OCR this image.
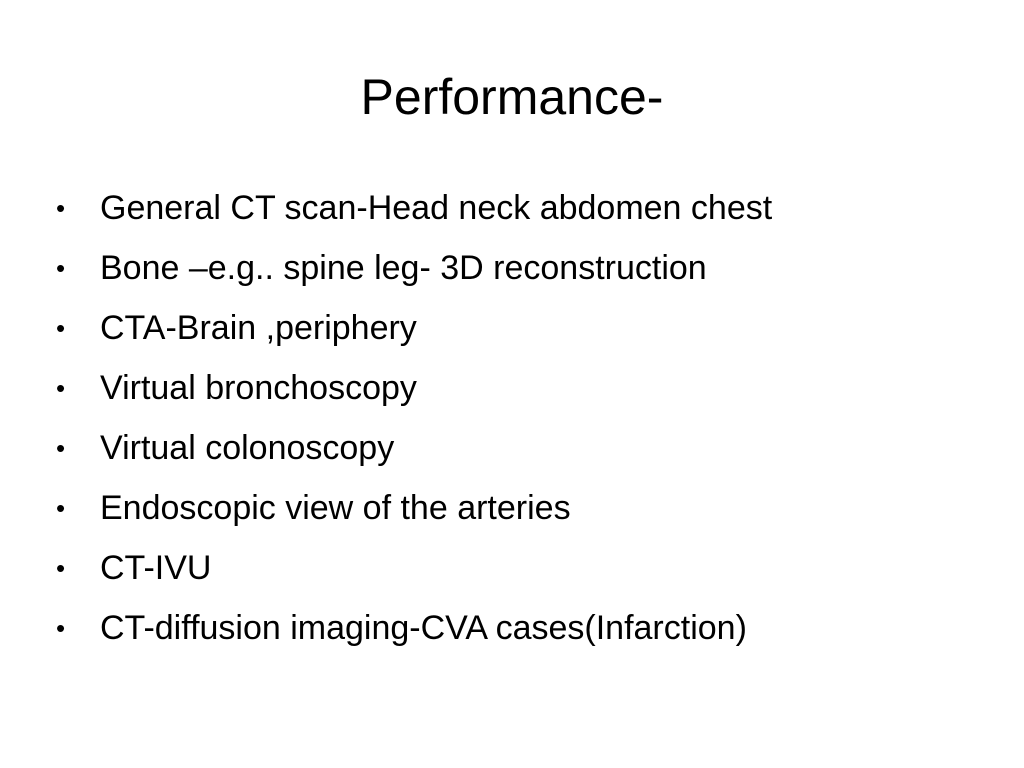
Performance-
•	General CT scan-Head neck abdomen chest
•	Bone –e.g.. spine leg- 3D reconstruction
•	CTA-Brain ,periphery
•	Virtual bronchoscopy
•	Virtual colonoscopy
•	Endoscopic view of the arteries
•	CT-IVU
•	CT-diffusion imaging-CVA cases(Infarction)
